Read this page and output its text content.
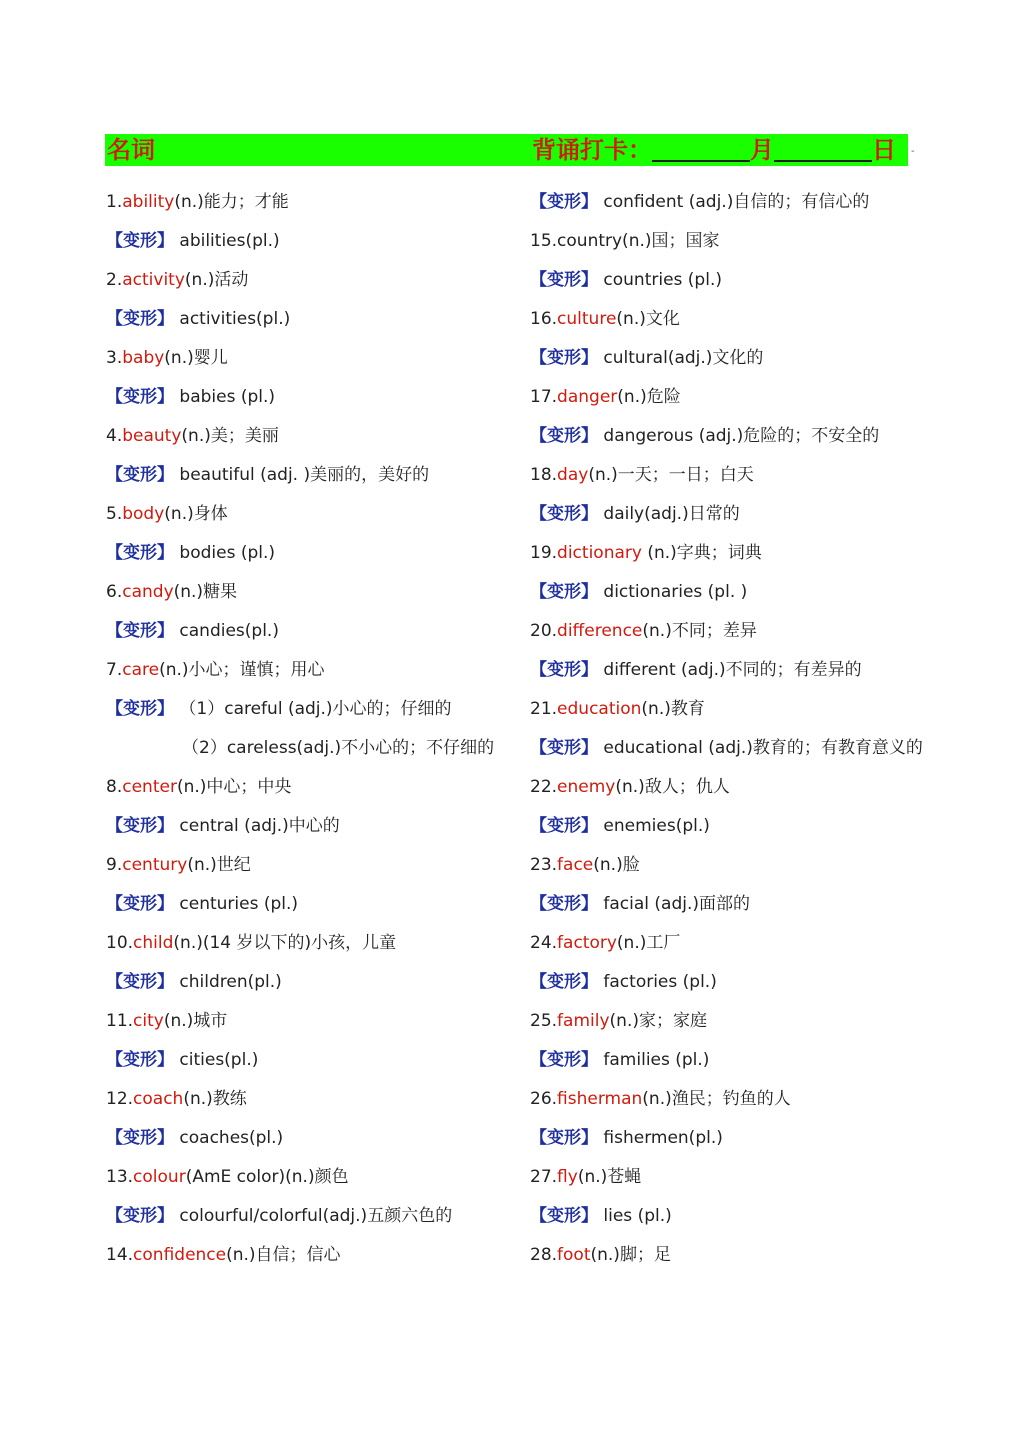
名词	背诵打卡：	月	日 -
1.ability(n.)能力；才能
【变形】 abilities(pl.)
2.activity(n.)活动
【变形】 activities(pl.)
3.baby(n.)婴儿
【变形】 babies (pl.)
4.beauty(n.)美；美丽
【变形】 beautiful (adj. )美丽的，美好的
5.body(n.)身体
【变形】 bodies (pl.)
6.candy(n.)糖果
【变形】 candies(pl.)
7.care(n.)小心；谨慎；用心
【变形】 （1）careful (adj.)小心的；仔细的
（2）careless(adj.)不小心的；不仔细的
8.center(n.)中心；中央
【变形】 central (adj.)中心的
9.century(n.)世纪
【变形】 centuries (pl.)
10.child(n.)(14 岁以下的)小孩，儿童
【变形】 children(pl.)
11.city(n.)城市
【变形】 cities(pl.)
12.coach(n.)教练
【变形】 coaches(pl.)
13.colour(AmE color)(n.)颜色
【变形】 colourful/colorful(adj.)五颜六色的
14.confidence(n.)自信；信心
【变形】 confident (adj.)自信的；有信心的
15.country(n.)国；国家
【变形】 countries (pl.)
16.culture(n.)文化
【变形】 cultural(adj.)文化的
17.danger(n.)危险
【变形】 dangerous (adj.)危险的；不安全的
18.day(n.)一天；一日；白天
【变形】 daily(adj.)日常的
19.dictionary (n.)字典；词典
【变形】 dictionaries (pl. )
20.difference(n.)不同；差异
【变形】 different (adj.)不同的；有差异的
21.education(n.)教育
【变形】 educational (adj.)教育的；有教育意义的
22.enemy(n.)敌人；仇人
【变形】 enemies(pl.)
23.face(n.)脸
【变形】 facial (adj.)面部的
24.factory(n.)工厂
【变形】 factories (pl.)
25.family(n.)家；家庭
【变形】 families (pl.)
26.fisherman(n.)渔民；钓鱼的人
【变形】 fishermen(pl.)
27.fly(n.)苍蝇
【变形】 lies (pl.)
28.foot(n.)脚；足
